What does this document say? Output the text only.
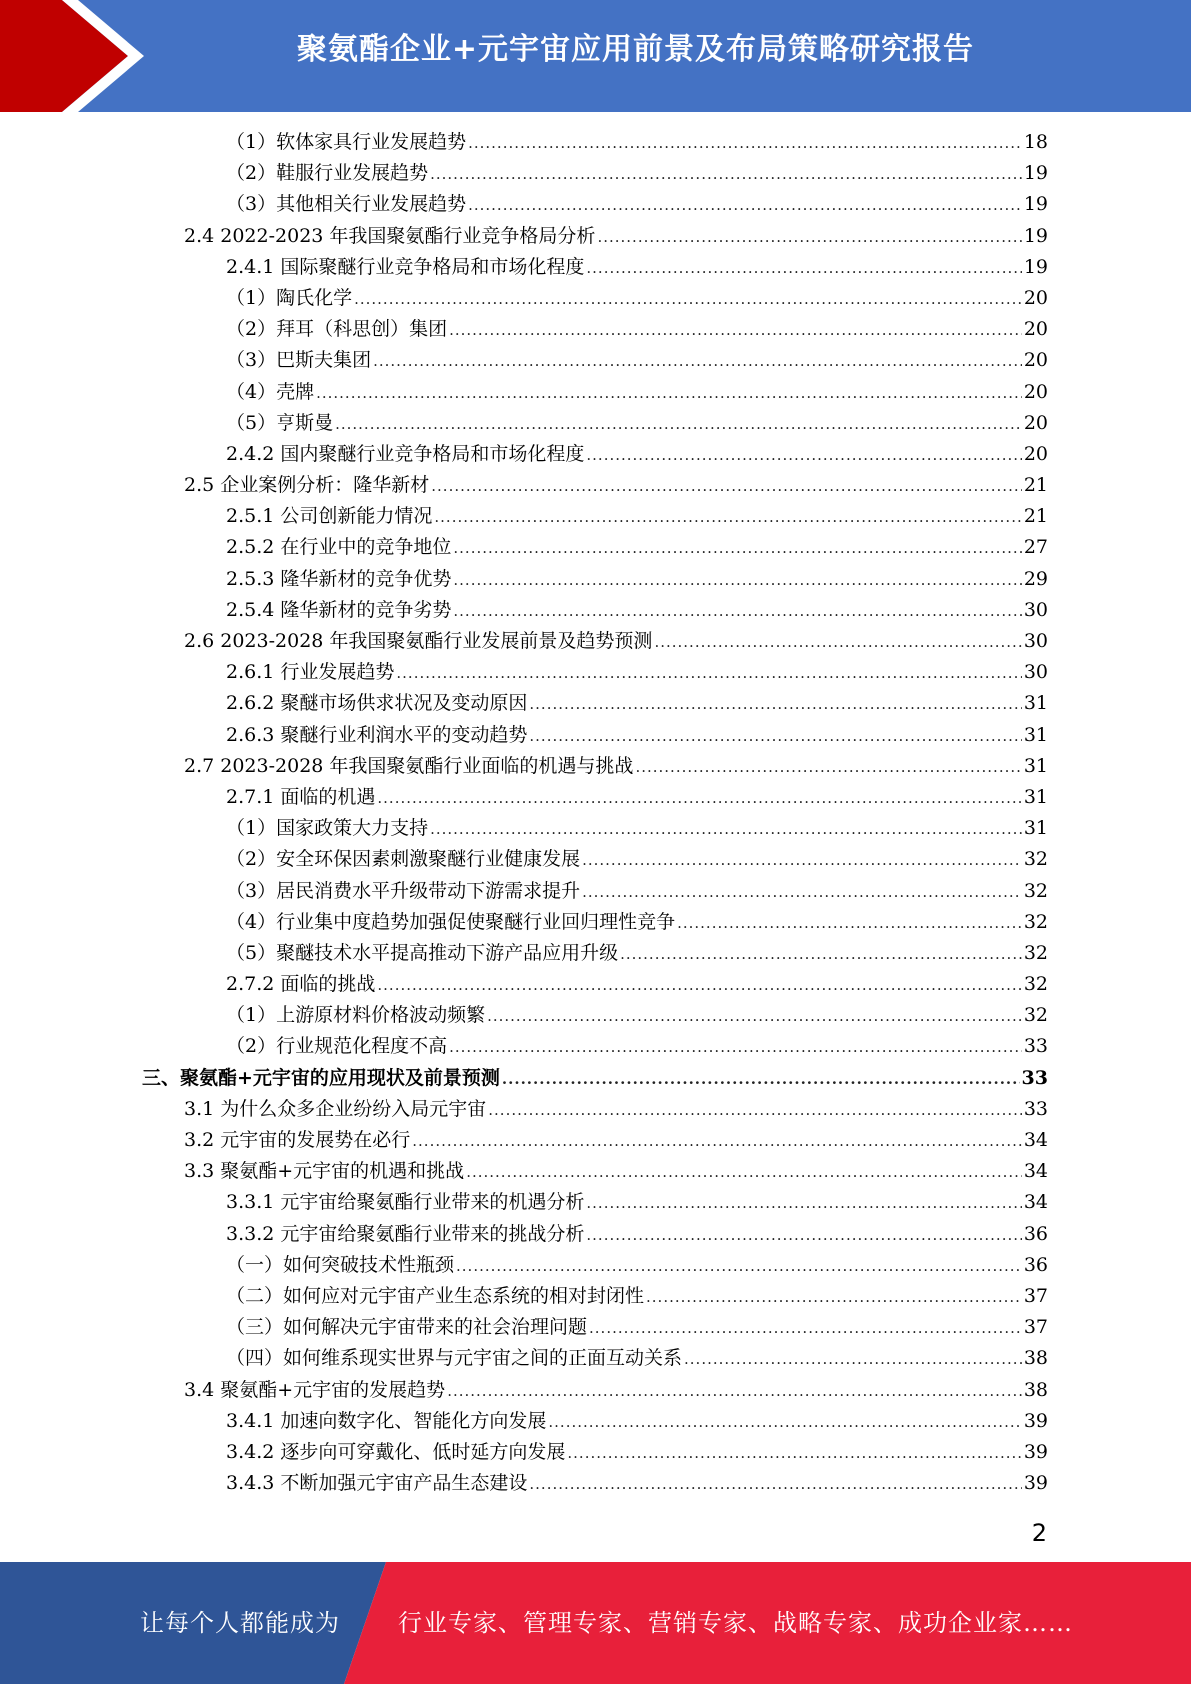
聚氨酯企业+元宇宙应用前景及布局策略研究报告
（1）软体家具行业发展趋势 .....	18
（2）鞋服行业发展趋势 .....	19
（3）其他相关行业发展趋势 .....	19
2.4 2022-2023 年我国聚氨酯行业竞争格局分析 .....	19
2.4.1 国际聚醚行业竞争格局和市场化程度 .....	19
（1）陶氏化学 .....	20
（2）拜耳（科思创）集团 .....	20
（3）巴斯夫集团 .....	20
（4）壳牌 .....	20
（5）亨斯曼 .....	20
2.4.2 国内聚醚行业竞争格局和市场化程度 .....	20
2.5 企业案例分析：隆华新材 .....	21
2.5.1 公司创新能力情况 .....	21
2.5.2 在行业中的竞争地位 .....	27
2.5.3 隆华新材的竞争优势 .....	29
2.5.4 隆华新材的竞争劣势 .....	30
2.6 2023-2028 年我国聚氨酯行业发展前景及趋势预测 .....	30
2.6.1 行业发展趋势 .....	30
2.6.2 聚醚市场供求状况及变动原因 .....	31
2.6.3 聚醚行业利润水平的变动趋势 .....	31
2.7 2023-2028 年我国聚氨酯行业面临的机遇与挑战 .....	31
2.7.1 面临的机遇 .....	31
（1）国家政策大力支持 .....	31
（2）安全环保因素刺激聚醚行业健康发展 .....	32
（3）居民消费水平升级带动下游需求提升 .....	32
（4）行业集中度趋势加强促使聚醚行业回归理性竞争 .....	32
（5）聚醚技术水平提高推动下游产品应用升级 .....	32
2.7.2 面临的挑战 .....	32
（1）上游原材料价格波动频繁 .....	32
（2）行业规范化程度不高 .....	33
三、聚氨酯+元宇宙的应用现状及前景预测 .....	33
3.1 为什么众多企业纷纷入局元宇宙 .....	33
3.2 元宇宙的发展势在必行 .....	34
3.3 聚氨酯+元宇宙的机遇和挑战 .....	34
3.3.1 元宇宙给聚氨酯行业带来的机遇分析 .....	34
3.3.2 元宇宙给聚氨酯行业带来的挑战分析 .....	36
（一）如何突破技术性瓶颈 .....	36
（二）如何应对元宇宙产业生态系统的相对封闭性 .....	37
（三）如何解决元宇宙带来的社会治理问题 .....	37
（四）如何维系现实世界与元宇宙之间的正面互动关系 .....	38
3.4 聚氨酯+元宇宙的发展趋势 .....	38
3.4.1 加速向数字化、智能化方向发展 .....	39
3.4.2 逐步向可穿戴化、低时延方向发展 .....	39
3.4.3 不断加强元宇宙产品生态建设 .....	39
2
让每个人都能成为 行业专家、管理专家、营销专家、战略专家、成功企业家……
